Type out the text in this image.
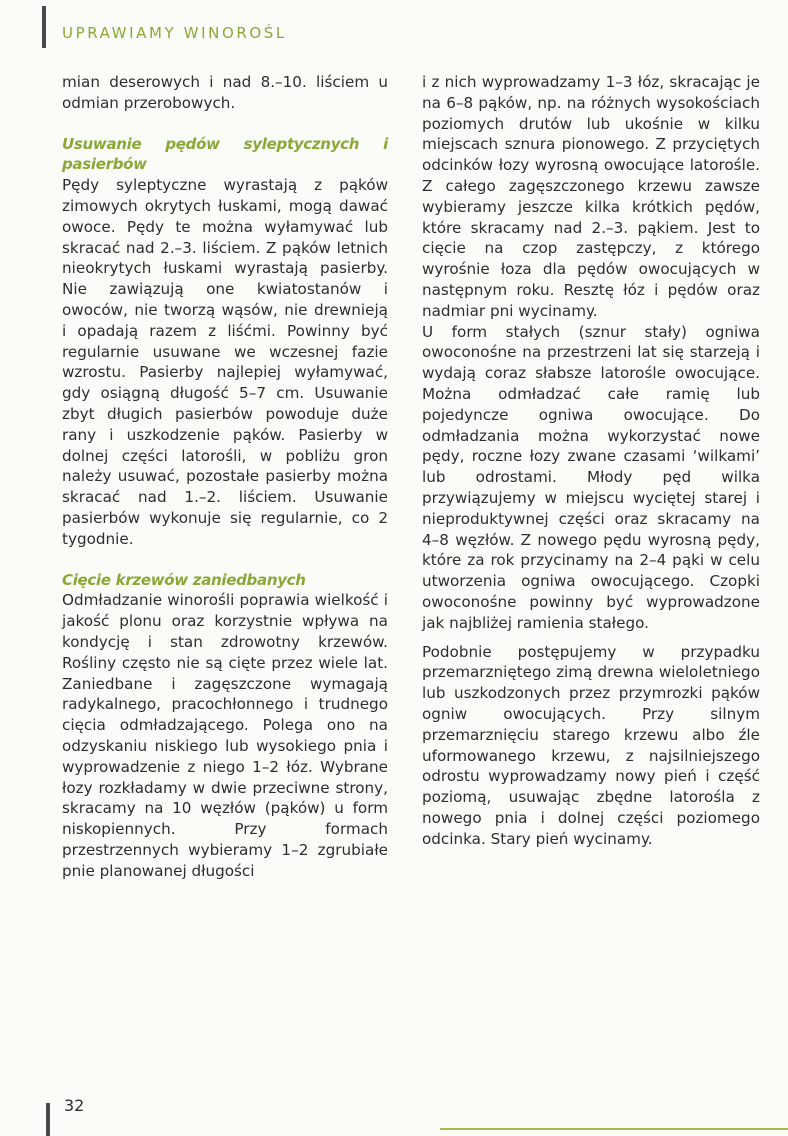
UPRAWIAMY WINOROŚL

mian deserowych i nad 8.–10. liściem u odmian przerobowych.

Usuwanie pędów syleptycznych i pasierbów

Pędy syleptyczne wyrastają z pąków zimowych okrytych łuskami, mogą dawać owoce. Pędy te można wyłamywać lub skracać nad 2.–3. liściem. Z pąków letnich nieokrytych łuskami wyrastają pasierby. Nie zawiązują one kwiatostanów i owoców, nie tworzą wąsów, nie drewnieją i opadają razem z liśćmi. Powinny być regularnie usuwane we wczesnej fazie wzrostu. Pasierby najlepiej wyłamywać, gdy osiągną długość 5–7 cm. Usuwanie zbyt długich pasierbów powoduje duże rany i uszkodzenie pąków. Pasierby w dolnej części latorośli, w pobliżu gron należy usuwać, pozostałe pasierby można skracać nad 1.–2. liściem. Usuwanie pasierbów wykonuje się regularnie, co 2 tygodnie.

Cięcie krzewów zaniedbanych

Odmładzanie winorośli poprawia wielkość i jakość plonu oraz korzystnie wpływa na kondycję i stan zdrowotny krzewów. Rośliny często nie są cięte przez wiele lat. Zaniedbane i zagęszczone wymagają radykalnego, pracochłonnego i trudnego cięcia odmładzającego. Polega ono na odzyskaniu niskiego lub wysokiego pnia i wyprowadzenie z niego 1–2 łóz. Wybrane łozy rozkładamy w dwie przeciwne strony, skracamy na 10 węzłów (pąków) u form niskopiennych. Przy formach przestrzennych wybieramy 1–2 zgrubiałe pnie planowanej długości

i z nich wyprowadzamy 1–3 łóz, skracając je na 6–8 pąków, np. na różnych wysokościach poziomych drutów lub ukośnie w kilku miejscach sznura pionowego. Z przyciętych odcinków łozy wyrosną owocujące latorośle. Z całego zagęszczonego krzewu zawsze wybieramy jeszcze kilka krótkich pędów, które skracamy nad 2.–3. pąkiem. Jest to cięcie na czop zastępczy, z którego wyrośnie łoza dla pędów owocujących w następnym roku. Resztę łóz i pędów oraz nadmiar pni wycinamy.

U form stałych (sznur stały) ogniwa owoconośne na przestrzeni lat się starzeją i wydają coraz słabsze latorośle owocujące. Można odmładzać całe ramię lub pojedyncze ogniwa owocujące. Do odmładzania można wykorzystać nowe pędy, roczne łozy zwane czasami ‘wilkami’ lub odrostami. Młody pęd wilka przywiązujemy w miejscu wyciętej starej i nieproduktywnej części oraz skracamy na 4–8 węzłów. Z nowego pędu wyrosną pędy, które za rok przycinamy na 2–4 pąki w celu utworzenia ogniwa owocującego. Czopki owoconośne powinny być wyprowadzone jak najbliżej ramienia stałego.

Podobnie postępujemy w przypadku przemarzniętego zimą drewna wieloletniego lub uszkodzonych przez przymrozki pąków ogniw owocujących. Przy silnym przemarznięciu starego krzewu albo źle uformowanego krzewu, z najsilniejszego odrostu wyprowadzamy nowy pień i część poziomą, usuwając zbędne latorośla z nowego pnia i dolnej części poziomego odcinka. Stary pień wycinamy.

32
